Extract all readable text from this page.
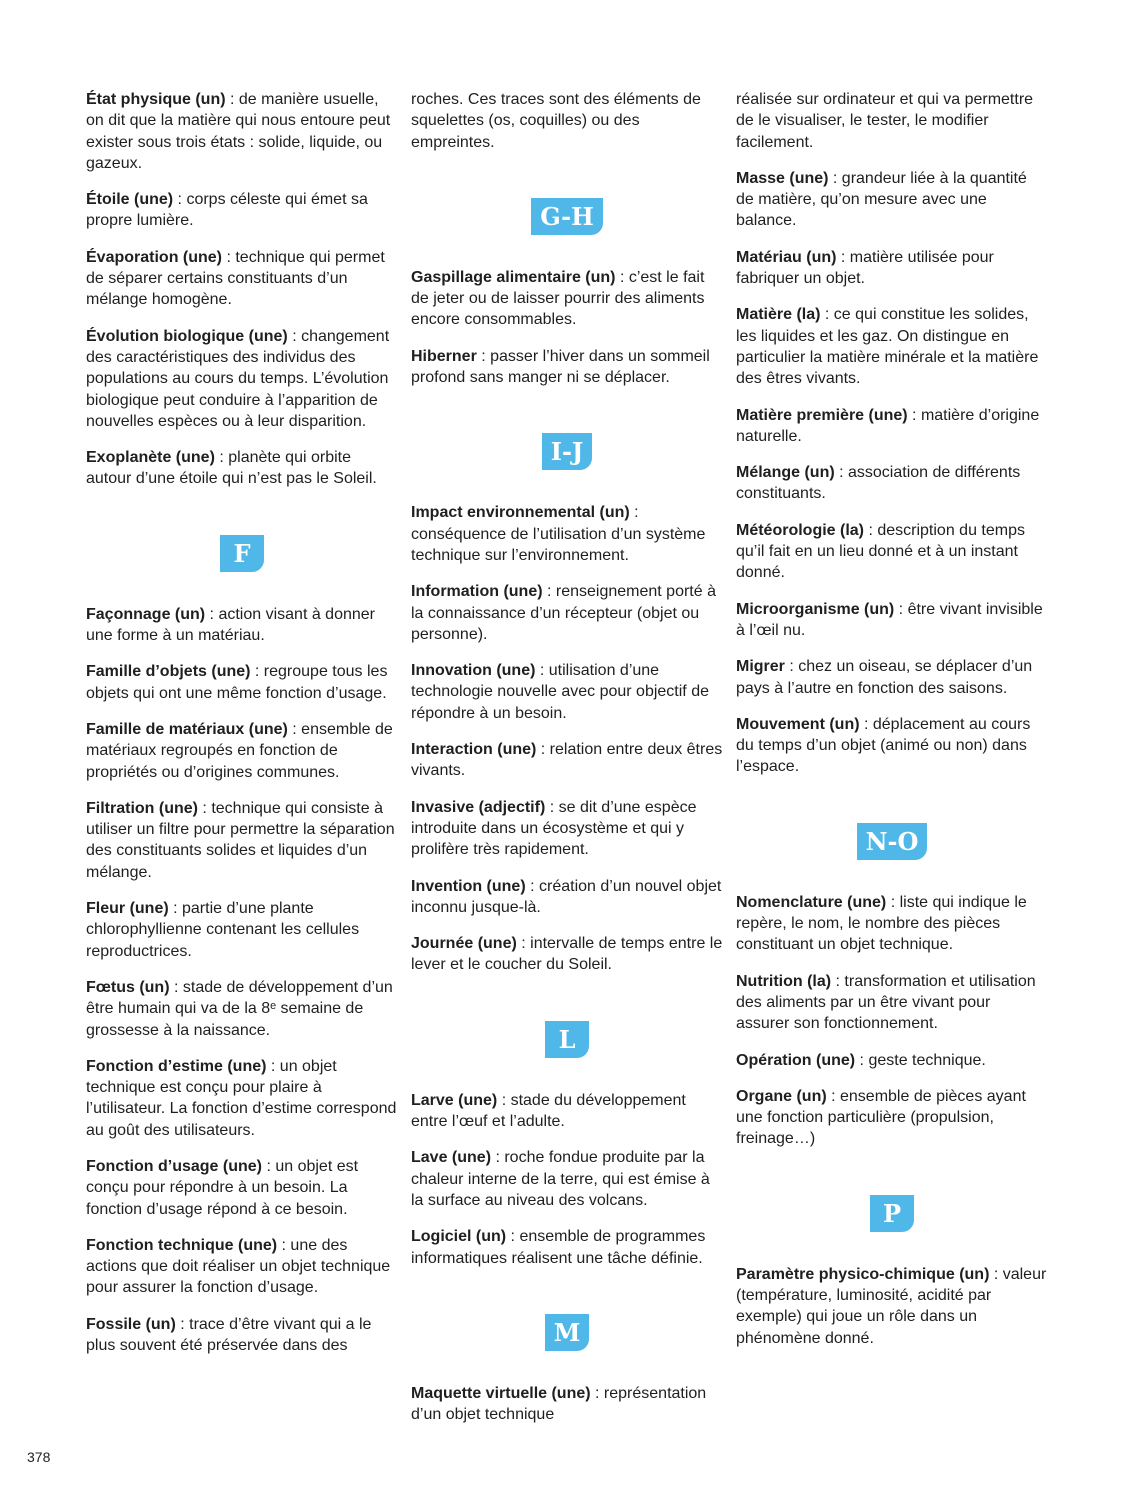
État physique (un) : de manière usuelle, on dit que la matière qui nous entoure peut exister sous trois états : solide, liquide, ou gazeux.
Étoile (une) : corps céleste qui émet sa propre lumière.
Évaporation (une) : technique qui permet de séparer certains constituants d’un mélange homogène.
Évolution biologique (une) : changement des caractéristiques des individus des populations au cours du temps. L’évolution biologique peut conduire à l’apparition de nouvelles espèces ou à leur disparition.
Exoplanète (une) : planète qui orbite autour d’une étoile qui n’est pas le Soleil.
F
Façonnage (un) : action visant à donner une forme à un matériau.
Famille d’objets (une) : regroupe tous les objets qui ont une même fonction d’usage.
Famille de matériaux (une) : ensemble de matériaux regroupés en fonction de propriétés ou d’origines communes.
Filtration (une) : technique qui consiste à utiliser un filtre pour permettre la séparation des constituants solides et liquides d’un mélange.
Fleur (une) : partie d’une plante chlorophyllienne contenant les cellules reproductrices.
Fœtus (un) : stade de développement d’un être humain qui va de la 8ᵉ semaine de grossesse à la naissance.
Fonction d’estime (une) : un objet technique est conçu pour plaire à l’utilisateur. La fonction d’estime correspond au goût des utilisateurs.
Fonction d’usage (une) : un objet est conçu pour répondre à un besoin. La fonction d’usage répond à ce besoin.
Fonction technique (une) : une des actions que doit réaliser un objet technique pour assurer la fonction d’usage.
Fossile (un) : trace d’être vivant qui a le plus souvent été préservée dans des
roches. Ces traces sont des éléments de squelettes (os, coquilles) ou des empreintes.
G-H
Gaspillage alimentaire (un) : c’est le fait de jeter ou de laisser pourrir des aliments encore consommables.
Hiberner : passer l’hiver dans un sommeil profond sans manger ni se déplacer.
I-J
Impact environnemental (un) : conséquence de l’utilisation d’un système technique sur l’environnement.
Information (une) : renseignement porté à la connaissance d’un récepteur (objet ou personne).
Innovation (une) : utilisation d’une technologie nouvelle avec pour objectif de répondre à un besoin.
Interaction (une) : relation entre deux êtres vivants.
Invasive (adjectif) : se dit d’une espèce introduite dans un écosystème et qui y prolifère très rapidement.
Invention (une) : création d’un nouvel objet inconnu jusque-là.
Journée (une) : intervalle de temps entre le lever et le coucher du Soleil.
L
Larve (une) : stade du développement entre l’œuf et l’adulte.
Lave (une) : roche fondue produite par la chaleur interne de la terre, qui est émise à la surface au niveau des volcans.
Logiciel (un) : ensemble de programmes informatiques réalisent une tâche définie.
M
Maquette virtuelle (une) : représentation d’un objet technique
réalisée sur ordinateur et qui va permettre de le visualiser, le tester, le modifier facilement.
Masse (une) : grandeur liée à la quantité de matière, qu’on mesure avec une balance.
Matériau (un) : matière utilisée pour fabriquer un objet.
Matière (la) : ce qui constitue les solides, les liquides et les gaz. On distingue en particulier la matière minérale et la matière des êtres vivants.
Matière première (une) : matière d’origine naturelle.
Mélange (un) : association de différents constituants.
Météorologie (la) : description du temps qu’il fait en un lieu donné et à un instant donné.
Microorganisme (un) : être vivant invisible à l’œil nu.
Migrer : chez un oiseau, se déplacer d’un pays à l’autre en fonction des saisons.
Mouvement (un) : déplacement au cours du temps d’un objet (animé ou non) dans l’espace.
N-O
Nomenclature (une) : liste qui indique le repère, le nom, le nombre des pièces constituant un objet technique.
Nutrition (la) : transformation et utilisation des aliments par un être vivant pour assurer son fonctionnement.
Opération (une) : geste technique.
Organe (un) : ensemble de pièces ayant une fonction particulière (propulsion, freinage…)
P
Paramètre physico-chimique (un) : valeur (température, luminosité, acidité par exemple) qui joue un rôle dans un phénomène donné.
378
